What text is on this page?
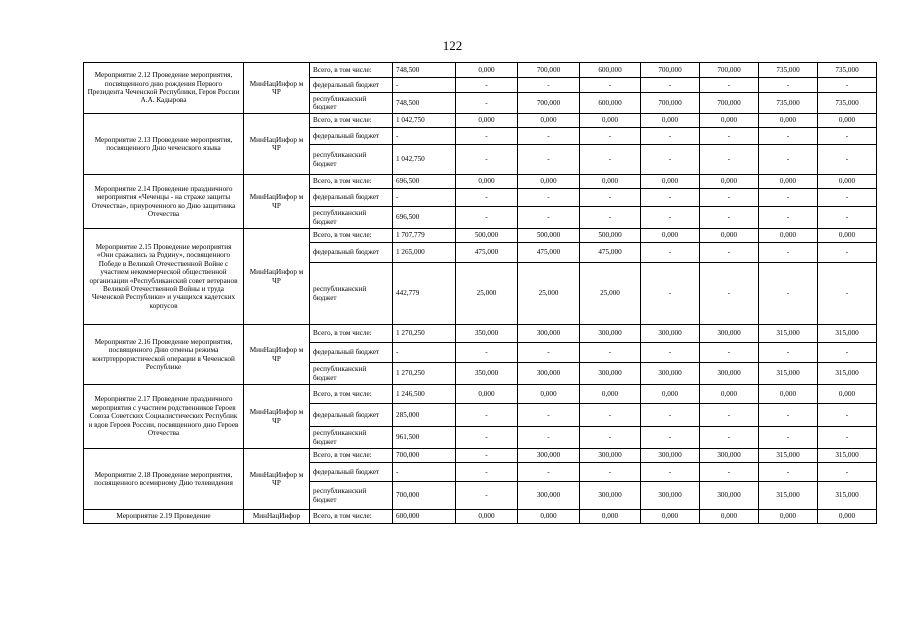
122
Мероприятие 2.12 Проведение мероприятия, посвященного дню рождения Первого Президента Чеченской Республики, Героя России А.А. Кадырова	МинНацИнфор м ЧР	Всего, в том числе:	748,500	0,000	700,000	600,000	700,000	700,000	735,000	735,000
		федеральный бюджет	-	-	-	-	-	-	-	-
		республиканский бюджет	748,500	-	700,000	600,000	700,000	700,000	735,000	735,000
Мероприятие 2.13 Проведение мероприятия, посвященного Дню чеченского языка	МинНацИнфор м ЧР	Всего, в том числе:	1 042,750	0,000	0,000	0,000	0,000	0,000	0,000	0,000
		федеральный бюджет	-	-	-	-	-	-	-	-
		республиканский бюджет	1 042,750	-	-	-	-	-	-	-
Мероприятие 2.14 Проведение праздничного мероприятия «Чеченцы - на страже защиты Отечества», приуроченного ко Дню защитника Отечества	МинНацИнфор м ЧР	Всего, в том числе:	696,500	0,000	0,000	0,000	0,000	0,000	0,000	0,000
		федеральный бюджет	-	-	-	-	-	-	-	-
		республиканский бюджет	696,500	-	-	-	-	-	-	-
Мероприятие 2.15 Проведение мероприятия «Они сражались за Родину», посвященного Победе в Великой Отечественной Войне с участием некоммерческой общественной организации «Республиканский совет ветеранов Великой Отечественной Войны и труда Чеченской Республики» и учащихся кадетских корпусов	МинНацИнфор м ЧР	Всего, в том числе:	1 707,779	500,000	500,000	500,000	0,000	0,000	0,000	0,000
		федеральный бюджет	1 265,000	475,000	475,000	475,000	-	-	-	-
		республиканский бюджет	442,779	25,000	25,000	25,000	-	-	-	-
Мероприятие 2.16 Проведение мероприятия, посвященного Дню отмены режима контртеррористической операции в Чеченской Республике	МинНацИнфор м ЧР	Всего, в том числе:	1 270,250	350,000	300,000	300,000	300,000	300,000	315,000	315,000
		федеральный бюджет	-	-	-	-	-	-	-	-
		республиканский бюджет	1 270,250	350,000	300,000	300,000	300,000	300,000	315,000	315,000
Мероприятие 2.17 Проведение праздничного мероприятия с участием родственников Героев Союза Советских Социалистических Республик и вдов Героев России, посвященного дню Героев Отечества	МинНацИнфор м ЧР	Всего, в том числе:	1 246,500	0,000	0,000	0,000	0,000	0,000	0,000	0,000
		федеральный бюджет	285,000	-	-	-	-	-	-	-
		республиканский бюджет	961,500	-	-	-	-	-	-	-
Мероприятие 2.18 Проведение мероприятия, посвященного всемирному Дню телевидения	МинНацИнфор м ЧР	Всего, в том числе:	700,000	-	300,000	300,000	300,000	300,000	315,000	315,000
		федеральный бюджет	-	-	-	-	-	-	-	-
		республиканский бюджет	700,000	-	300,000	300,000	300,000	300,000	315,000	315,000
Мероприятие 2.19 Проведение	МинНацИнфор	Всего, в том числе:	600,000	0,000	0,000	0,000	0,000	0,000	0,000	0,000
